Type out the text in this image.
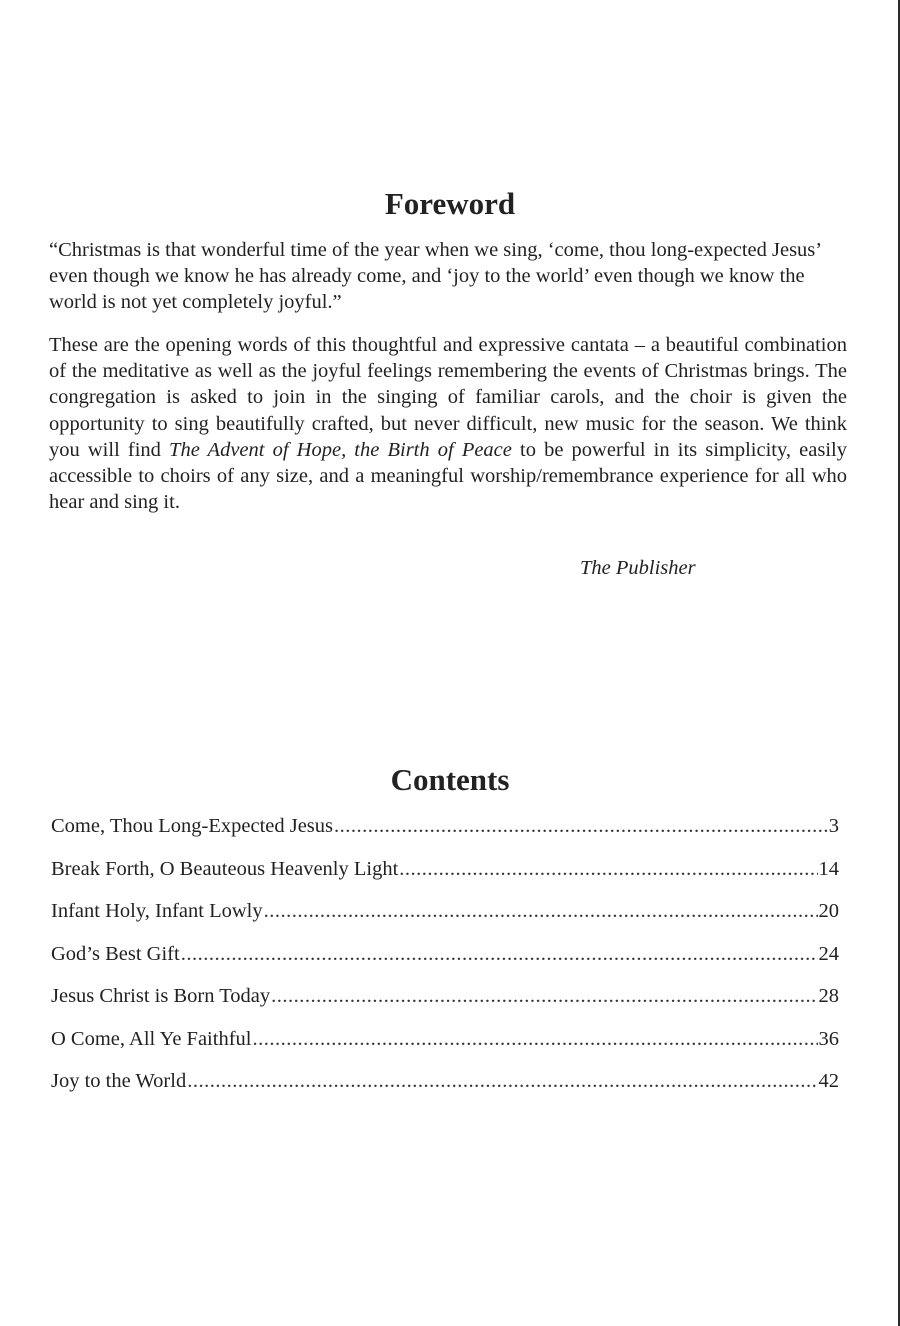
Foreword

“Christmas is that wonderful time of the year when we sing, ‘come, thou long-expected Jesus’ even though we know he has already come, and ‘joy to the world’ even though we know the world is not yet completely joyful.”

These are the opening words of this thoughtful and expressive cantata – a beautiful combination of the meditative as well as the joyful feelings remembering the events of Christmas brings. The congregation is asked to join in the singing of familiar carols, and the choir is given the opportunity to sing beautifully crafted, but never difficult, new music for the season. We think you will find The Advent of Hope, the Birth of Peace to be powerful in its simplicity, easily accessible to choirs of any size, and a meaningful worship/remembrance experience for all who hear and sing it.

The Publisher

Contents
Come, Thou Long-Expected Jesus .....	3
Break Forth, O Beauteous Heavenly Light .....	14
Infant Holy, Infant Lowly .....	20
God’s Best Gift .....	24
Jesus Christ is Born Today .....	28
O Come, All Ye Faithful .....	36
Joy to the World .....	42
